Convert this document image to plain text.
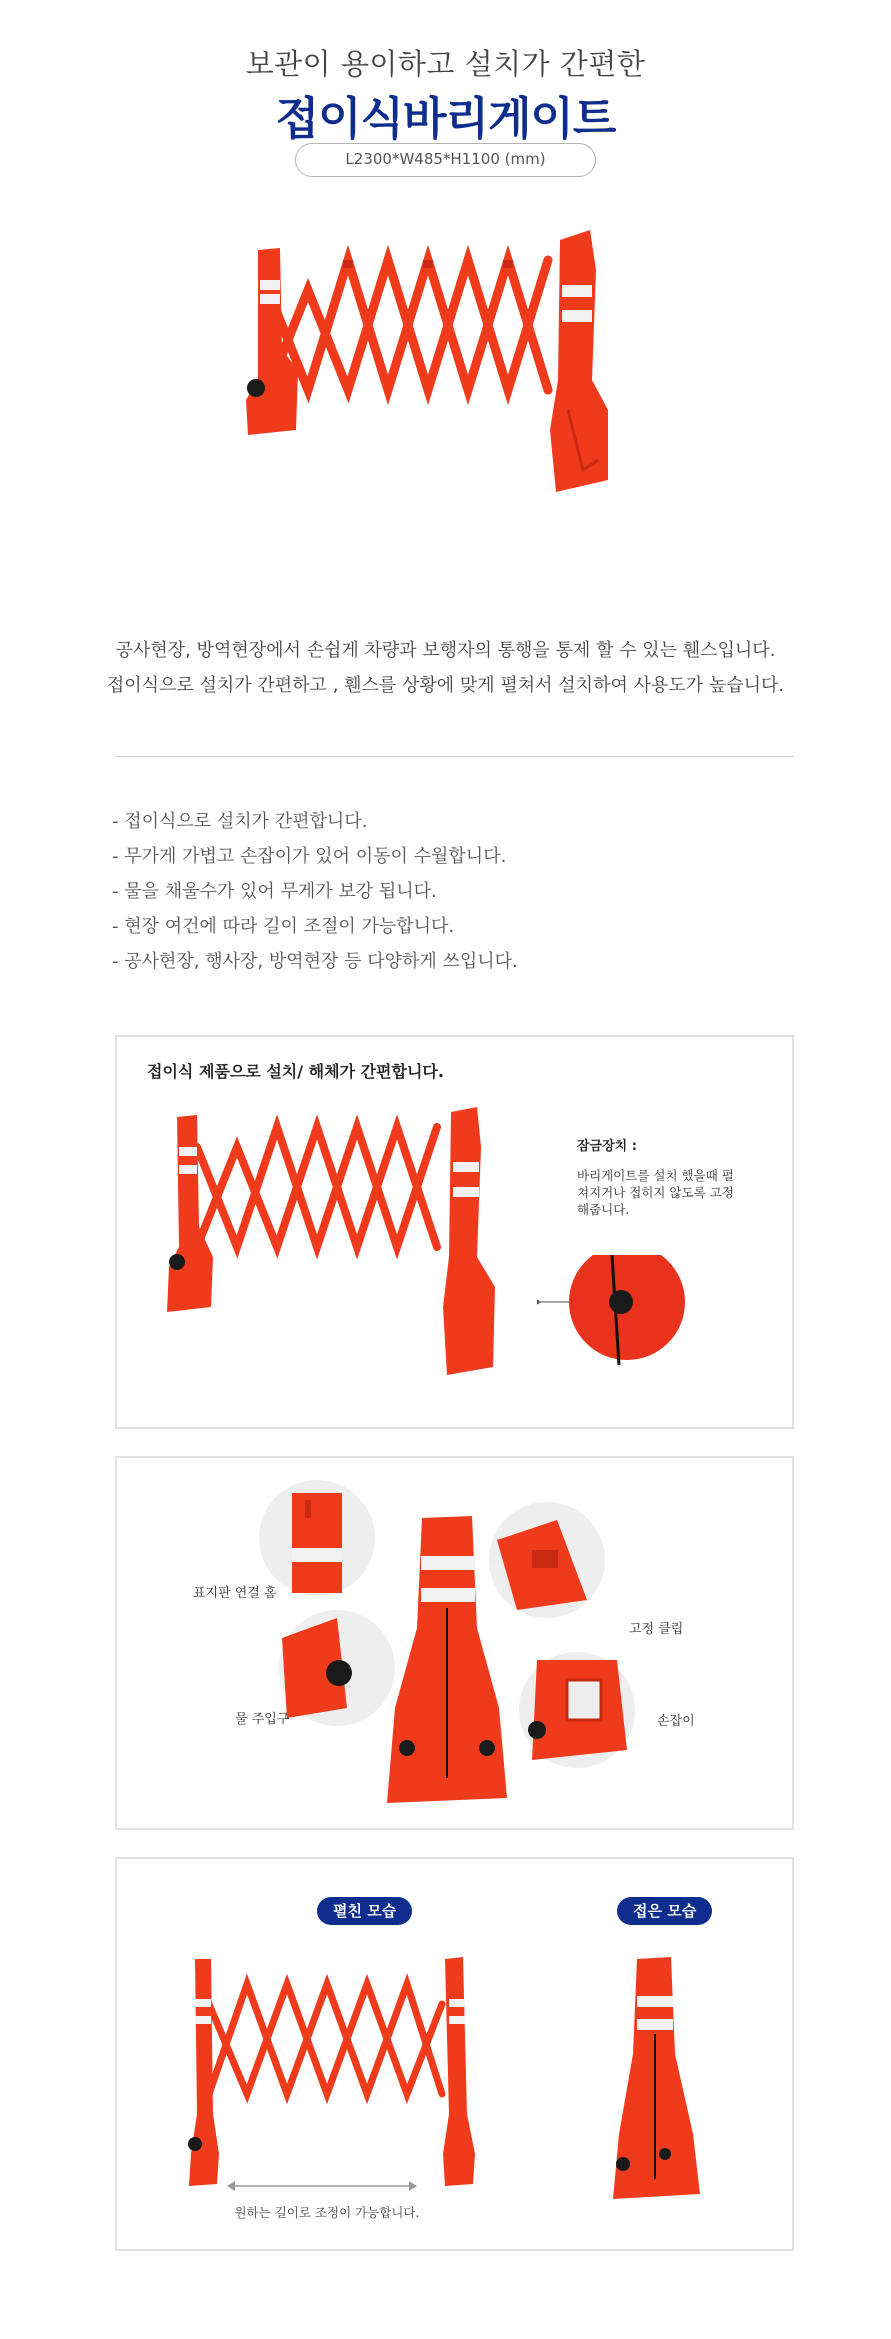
보관이 용이하고 설치가 간편한
접이식바리게이트
L2300*W485*H1100 (mm)
공사현장, 방역현장에서 손쉽게 차량과 보행자의 통행을 통제 할 수 있는 휀스입니다.
접이식으로 설치가 간편하고 , 휀스를 상황에 맞게 펼쳐서 설치하여 사용도가 높습니다.
- 접이식으로 설치가 간편합니다.
- 무가게 가볍고 손잡이가 있어 이동이 수월합니다.
- 물을 채울수가 있어 무게가 보강 됩니다.
- 현장 여건에 따라 길이 조절이 가능합니다.
- 공사현장, 행사장, 방역현장 등 다양하게 쓰입니다.
접이식 제품으로 설치/ 해체가 간편합니다.
잠금장치 :
바리게이트를 설치 했을때 펼쳐지거나 접히지 않도록 고정해줍니다.
표지판 연결 홈
물 주입구
고정 클립
손잡이
펼친 모습	접은 모습
원하는 길이로 조정이 가능합니다.
